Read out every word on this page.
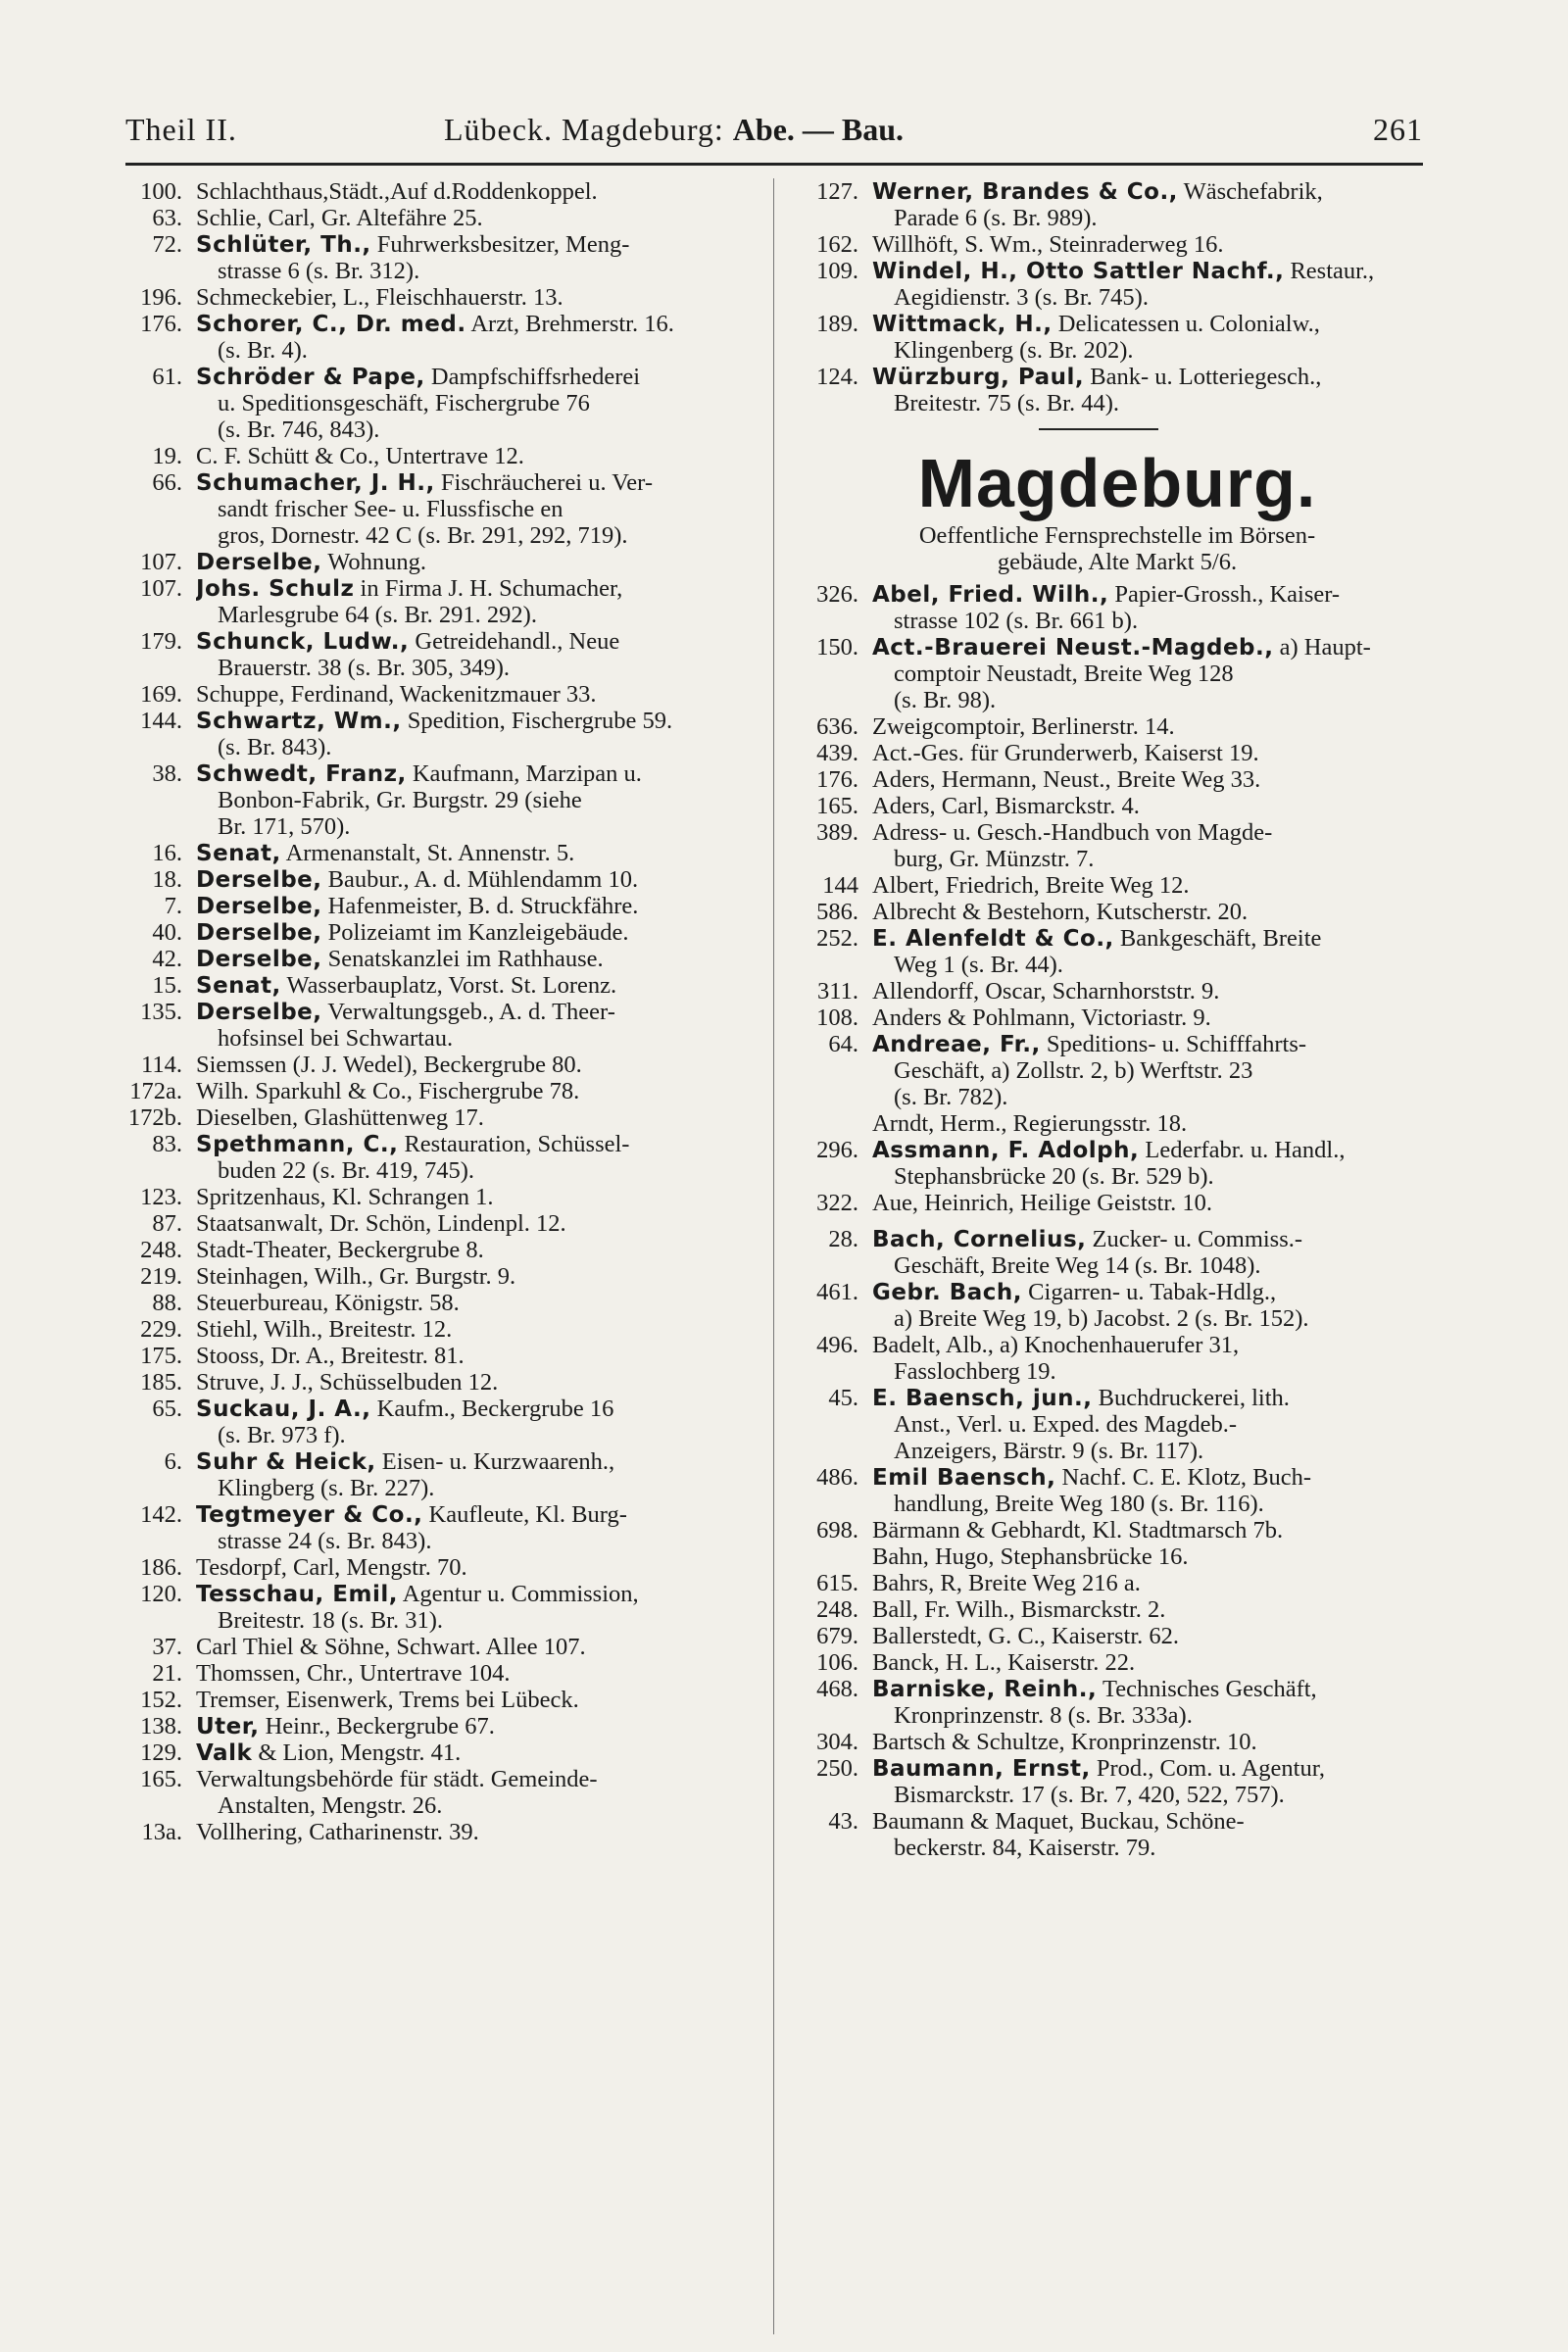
Theil II.	Lübeck. Magdeburg: Abe. — Bau.	261
100. Schlachthaus,Städt.,Auf d.Roddenkoppel.
63. Schlie, Carl, Gr. Altefähre 25.
72. Schlüter, Th., Fuhrwerksbesitzer, Meng-
strasse 6 (s. Br. 312).
196. Schmeckebier, L., Fleischhauerstr. 13.
176. Schorer, C., Dr. med. Arzt, Brehmerstr. 16.
(s. Br. 4).
61. Schröder & Pape, Dampfschiffsrhederei
u. Speditionsgeschäft, Fischergrube 76
(s. Br. 746, 843).
19. C. F. Schütt & Co., Untertrave 12.
66. Schumacher, J. H., Fischräucherei u. Ver-
sandt frischer See- u. Flussfische en
gros, Dornestr. 42 C (s. Br. 291, 292, 719).
107. Derselbe, Wohnung.
107. Johs. Schulz in Firma J. H. Schumacher,
Marlesgrube 64 (s. Br. 291. 292).
179. Schunck, Ludw., Getreidehandl., Neue
Brauerstr. 38 (s. Br. 305, 349).
169. Schuppe, Ferdinand, Wackenitzmauer 33.
144. Schwartz, Wm., Spedition, Fischergrube 59.
(s. Br. 843).
38. Schwedt, Franz, Kaufmann, Marzipan u.
Bonbon-Fabrik, Gr. Burgstr. 29 (siehe
Br. 171, 570).
16. Senat, Armenanstalt, St. Annenstr. 5.
18. Derselbe, Baubur., A. d. Mühlendamm 10.
7. Derselbe, Hafenmeister, B. d. Struckfähre.
40. Derselbe, Polizeiamt im Kanzleigebäude.
42. Derselbe, Senatskanzlei im Rathhause.
15. Senat, Wasserbauplatz, Vorst. St. Lorenz.
135. Derselbe, Verwaltungsgeb., A. d. Theer-
hofsinsel bei Schwartau.
114. Siemssen (J. J. Wedel), Beckergrube 80.
172a. Wilh. Sparkuhl & Co., Fischergrube 78.
172b. Dieselben, Glashüttenweg 17.
83. Spethmann, C., Restauration, Schüssel-
buden 22 (s. Br. 419, 745).
123. Spritzenhaus, Kl. Schrangen 1.
87. Staatsanwalt, Dr. Schön, Lindenpl. 12.
248. Stadt-Theater, Beckergrube 8.
219. Steinhagen, Wilh., Gr. Burgstr. 9.
88. Steuerbureau, Königstr. 58.
229. Stiehl, Wilh., Breitestr. 12.
175. Stooss, Dr. A., Breitestr. 81.
185. Struve, J. J., Schüsselbuden 12.
65. Suckau, J. A., Kaufm., Beckergrube 16
(s. Br. 973 f).
6. Suhr & Heick, Eisen- u. Kurzwaarenh.,
Klingberg (s. Br. 227).
142. Tegtmeyer & Co., Kaufleute, Kl. Burg-
strasse 24 (s. Br. 843).
186. Tesdorpf, Carl, Mengstr. 70.
120. Tesschau, Emil, Agentur u. Commission,
Breitestr. 18 (s. Br. 31).
37. Carl Thiel & Söhne, Schwart. Allee 107.
21. Thomssen, Chr., Untertrave 104.
152. Tremser, Eisenwerk, Trems bei Lübeck.
138. Uter, Heinr., Beckergrube 67.
129. Valk & Lion, Mengstr. 41.
165. Verwaltungsbehörde für städt. Gemeinde-
Anstalten, Mengstr. 26.
13a. Vollhering, Catharinenstr. 39.
127. Werner, Brandes & Co., Wäschefabrik,
Parade 6 (s. Br. 989).
162. Willhöft, S. Wm., Steinraderweg 16.
109. Windel, H., Otto Sattler Nachf., Restaur.,
Aegidienstr. 3 (s. Br. 745).
189. Wittmack, H., Delicatessen u. Colonialw.,
Klingenberg (s. Br. 202).
124. Würzburg, Paul, Bank- u. Lotteriegesch.,
Breitestr. 75 (s. Br. 44).
Magdeburg.
Oeffentliche Fernsprechstelle im Börsen-
gebäude, Alte Markt 5/6.
326. Abel, Fried. Wilh., Papier-Grossh., Kaiser-
strasse 102 (s. Br. 661 b).
150. Act.-Brauerei Neust.-Magdeb., a) Haupt-
comptoir Neustadt, Breite Weg 128
(s. Br. 98).
636. Zweigcomptoir, Berlinerstr. 14.
439. Act.-Ges. für Grunderwerb, Kaiserst 19.
176. Aders, Hermann, Neust., Breite Weg 33.
165. Aders, Carl, Bismarckstr. 4.
389. Adress- u. Gesch.-Handbuch von Magde-
burg, Gr. Münzstr. 7.
144 Albert, Friedrich, Breite Weg 12.
586. Albrecht & Bestehorn, Kutscherstr. 20.
252. E. Alenfeldt & Co., Bankgeschäft, Breite
Weg 1 (s. Br. 44).
311. Allendorff, Oscar, Scharnhorststr. 9.
108. Anders & Pohlmann, Victoriastr. 9.
64. Andreae, Fr., Speditions- u. Schifffahrts-
Geschäft, a) Zollstr. 2, b) Werftstr. 23
(s. Br. 782).
Arndt, Herm., Regierungsstr. 18.
296. Assmann, F. Adolph, Lederfabr. u. Handl.,
Stephansbrücke 20 (s. Br. 529 b).
322. Aue, Heinrich, Heilige Geiststr. 10.
28. Bach, Cornelius, Zucker- u. Commiss.-
Geschäft, Breite Weg 14 (s. Br. 1048).
461. Gebr. Bach, Cigarren- u. Tabak-Hdlg.,
a) Breite Weg 19, b) Jacobst. 2 (s. Br. 152).
496. Badelt, Alb., a) Knochenhauerufer 31,
Fasslochberg 19.
45. E. Baensch, jun., Buchdruckerei, lith.
Anst., Verl. u. Exped. des Magdeb.-
Anzeigers, Bärstr. 9 (s. Br. 117).
486. Emil Baensch, Nachf. C. E. Klotz, Buch-
handlung, Breite Weg 180 (s. Br. 116).
698. Bärmann & Gebhardt, Kl. Stadtmarsch 7b.
Bahn, Hugo, Stephansbrücke 16.
615. Bahrs, R, Breite Weg 216 a.
248. Ball, Fr. Wilh., Bismarckstr. 2.
679. Ballerstedt, G. C., Kaiserstr. 62.
106. Banck, H. L., Kaiserstr. 22.
468. Barniske, Reinh., Technisches Geschäft,
Kronprinzenstr. 8 (s. Br. 333a).
304. Bartsch & Schultze, Kronprinzenstr. 10.
250. Baumann, Ernst, Prod., Com. u. Agentur,
Bismarckstr. 17 (s. Br. 7, 420, 522, 757).
43. Baumann & Maquet, Buckau, Schöne-
beckerstr. 84, Kaiserstr. 79.
